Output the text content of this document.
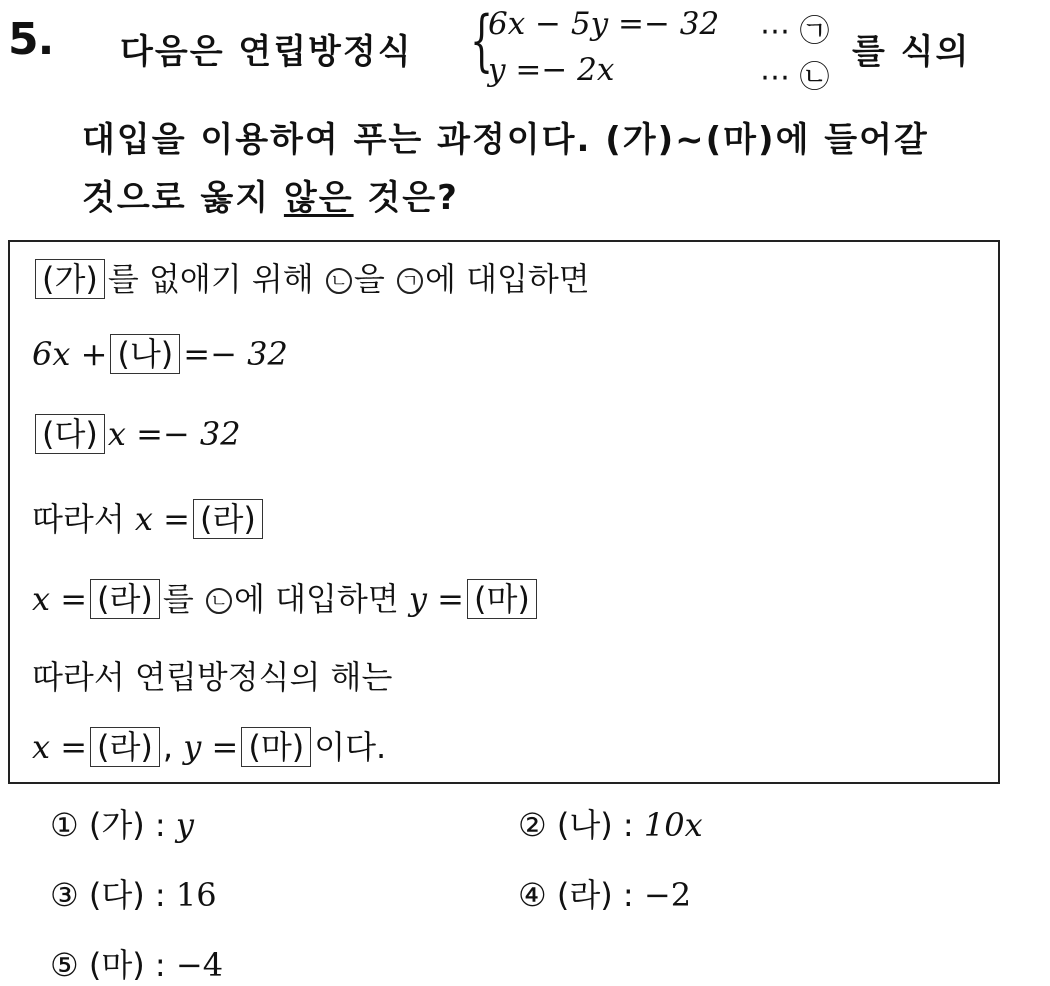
5. 다음은 연립방정식 {
6x − 5y =− 32
y =− 2x
⋯ ㉠
⋯ ㉡
를 식의
대입을 이용하여 푸는 과정이다. (가)~(마)에 들어갈
것으로 옳지 않은 것은?
(가) 를 없애기 위해 ㄴ 을 ㄱ 에 대입하면
6x + (나) =− 32
(다) x =− 32
따라서 x = (라)
x = (라) 를 ㄴ 에 대입하면 y = (마)
따라서 연립방정식의 해는
x = (라) , y = (마) 이다.
① (가) : y	② (나) : 10x
③ (다) : 16	④ (라) : −2
⑤ (마) : −4
